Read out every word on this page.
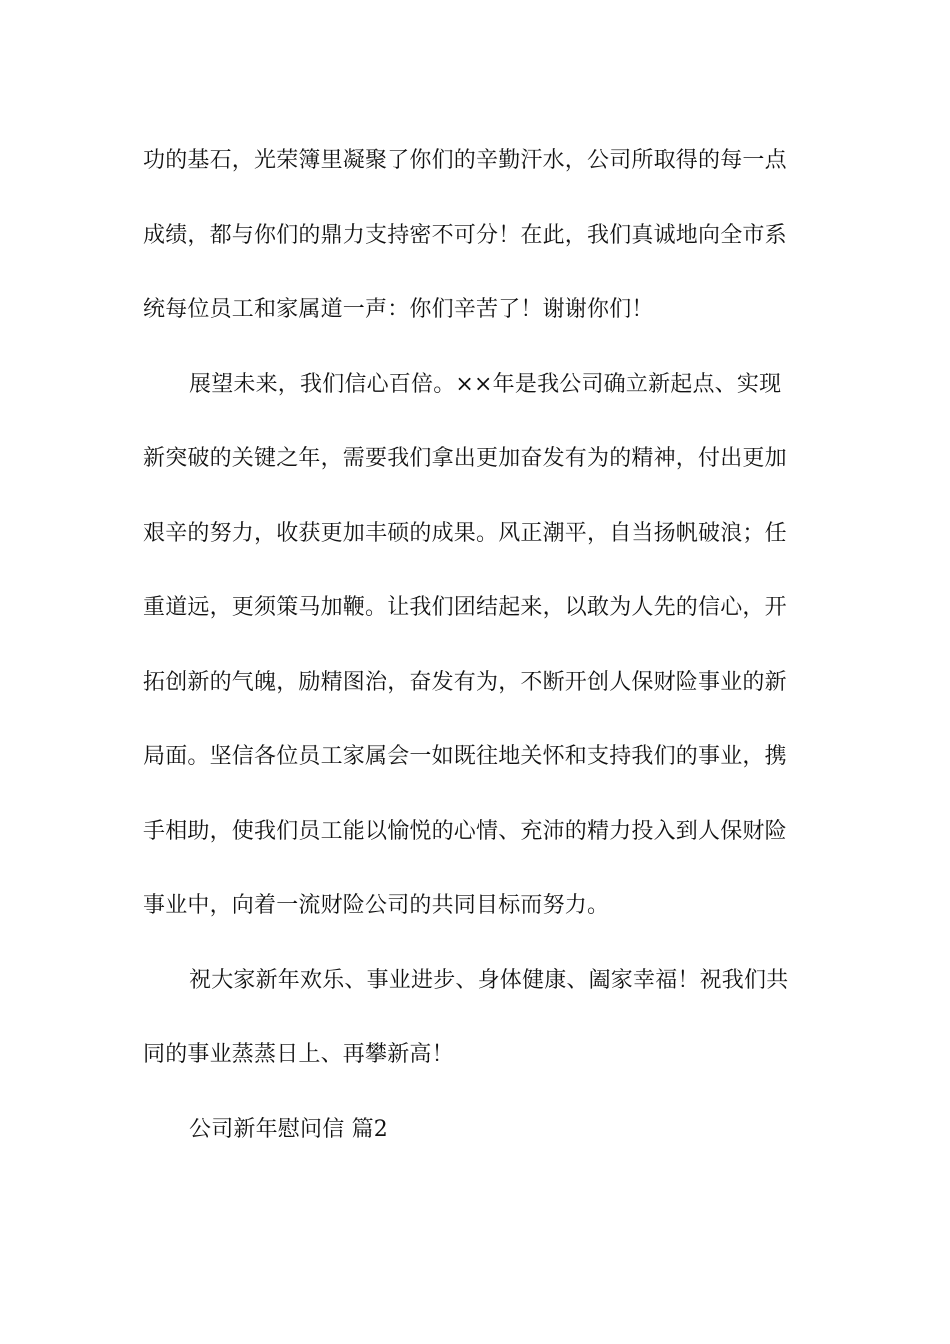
功的基石，光荣簿里凝聚了你们的辛勤汗水，公司所取得的每一点
成绩，都与你们的鼎力支持密不可分！在此，我们真诚地向全市系
统每位员工和家属道一声：你们辛苦了！谢谢你们！
展望未来，我们信心百倍。××年是我公司确立新起点、实现
新突破的关键之年，需要我们拿出更加奋发有为的精神，付出更加
艰辛的努力，收获更加丰硕的成果。风正潮平，自当扬帆破浪；任
重道远，更须策马加鞭。让我们团结起来，以敢为人先的信心，开
拓创新的气魄，励精图治，奋发有为，不断开创人保财险事业的新
局面。坚信各位员工家属会一如既往地关怀和支持我们的事业，携
手相助，使我们员工能以愉悦的心情、充沛的精力投入到人保财险
事业中，向着一流财险公司的共同目标而努力。
祝大家新年欢乐、事业进步、身体健康、阖家幸福！祝我们共
同的事业蒸蒸日上、再攀新高！
公司新年慰问信 篇2
